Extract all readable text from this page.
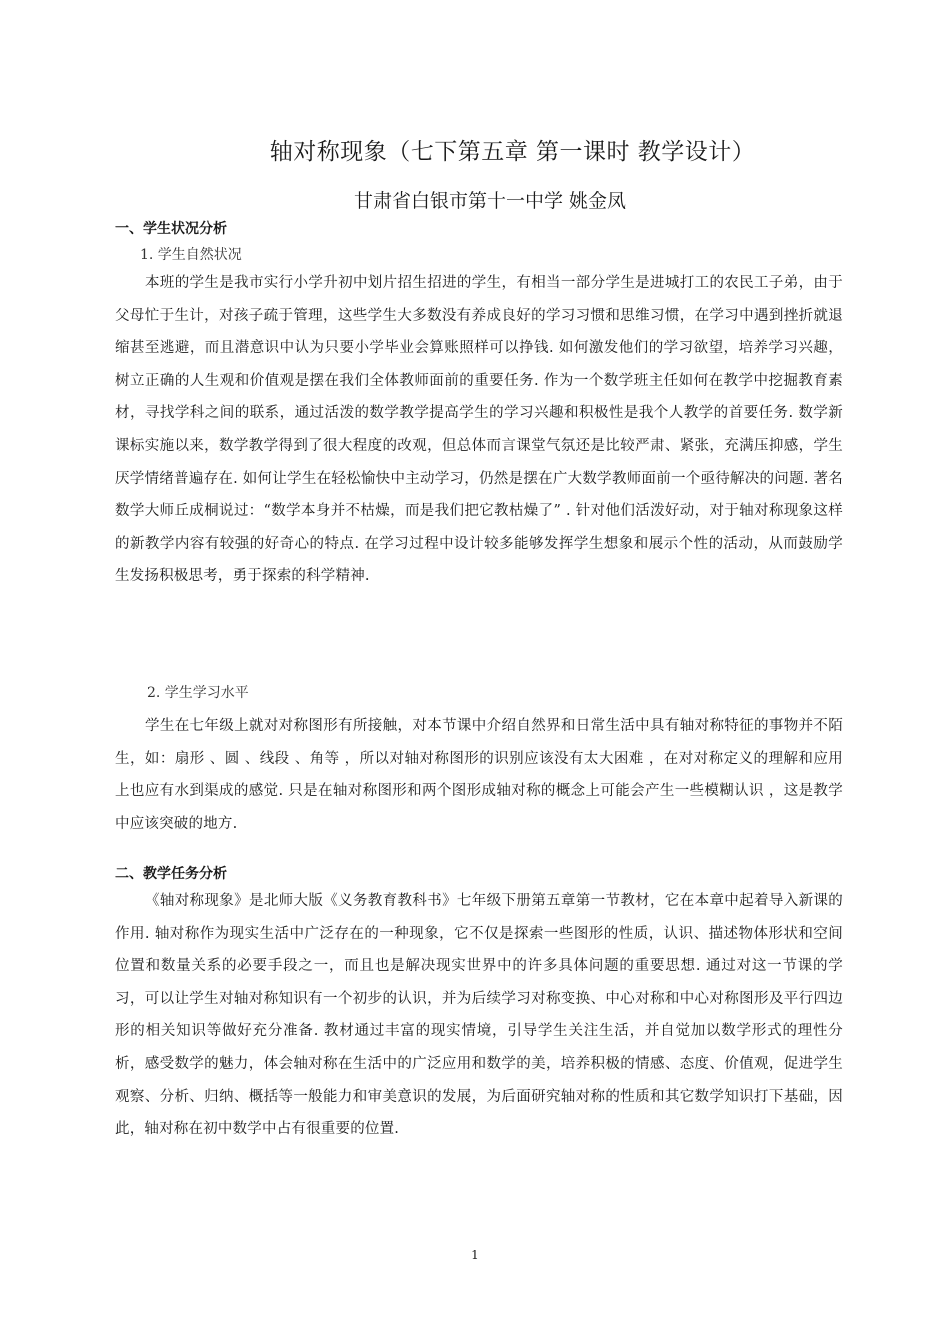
轴对称现象（七下第五章 第一课时 教学设计）
甘肃省白银市第十一中学 姚金凤
一、学生状况分析
1. 学生自然状况
本班的学生是我市实行小学升初中划片招生招进的学生，有相当一部分学生是进城打工的农民工子弟，由于父母忙于生计，对孩子疏于管理，这些学生大多数没有养成良好的学习习惯和思维习惯，在学习中遇到挫折就退缩甚至逃避，而且潜意识中认为只要小学毕业会算账照样可以挣钱. 如何激发他们的学习欲望，培养学习兴趣，树立正确的人生观和价值观是摆在我们全体教师面前的重要任务. 作为一个数学班主任如何在教学中挖掘教育素材，寻找学科之间的联系，通过活泼的数学教学提高学生的学习兴趣和积极性是我个人教学的首要任务. 数学新课标实施以来，数学教学得到了很大程度的改观，但总体而言课堂气氛还是比较严肃、紧张，充满压抑感，学生厌学情绪普遍存在. 如何让学生在轻松愉快中主动学习，仍然是摆在广大数学教师面前一个亟待解决的问题. 著名数学大师丘成桐说过：“数学本身并不枯燥，而是我们把它教枯燥了” . 针对他们活泼好动，对于轴对称现象这样的新教学内容有较强的好奇心的特点. 在学习过程中设计较多能够发挥学生想象和展示个性的活动，从而鼓励学生发扬积极思考，勇于探索的科学精神.
2. 学生学习水平
学生在七年级上就对对称图形有所接触，对本节课中介绍自然界和日常生活中具有轴对称特征的事物并不陌生，如：扇形 、圆 、线段 、角等 ，所以对轴对称图形的识别应该没有太大困难 ，在对对称定义的理解和应用上也应有水到渠成的感觉. 只是在轴对称图形和两个图形成轴对称的概念上可能会产生一些模糊认识 ，这是教学中应该突破的地方.
二、教学任务分析
《轴对称现象》是北师大版《义务教育教科书》七年级下册第五章第一节教材，它在本章中起着导入新课的作用. 轴对称作为现实生活中广泛存在的一种现象，它不仅是探索一些图形的性质，认识、描述物体形状和空间位置和数量关系的必要手段之一，而且也是解决现实世界中的许多具体问题的重要思想. 通过对这一节课的学习，可以让学生对轴对称知识有一个初步的认识，并为后续学习对称变换、中心对称和中心对称图形及平行四边形的相关知识等做好充分准备. 教材通过丰富的现实情境，引导学生关注生活，并自觉加以数学形式的理性分析，感受数学的魅力，体会轴对称在生活中的广泛应用和数学的美，培养积极的情感、态度、价值观，促进学生观察、分析、归纳、概括等一般能力和审美意识的发展，为后面研究轴对称的性质和其它数学知识打下基础，因此，轴对称在初中数学中占有很重要的位置.
1
